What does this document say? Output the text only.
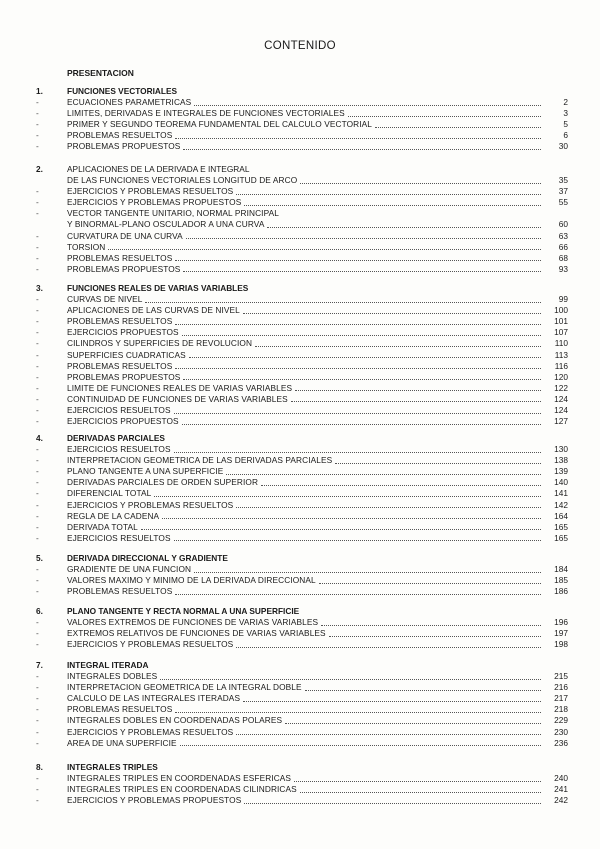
CONTENIDO
PRESENTACION
1.	FUNCIONES VECTORIALES
-	ECUACIONES PARAMETRICAS	2
-	LIMITES, DERIVADAS E INTEGRALES DE FUNCIONES VECTORIALES	3
-	PRIMER Y SEGUNDO TEOREMA FUNDAMENTAL DEL CALCULO VECTORIAL	5
-	PROBLEMAS RESUELTOS	6
-	PROBLEMAS PROPUESTOS	30
2.	APLICACIONES DE LA DERIVADA E INTEGRAL
DE LAS FUNCIONES VECTORIALES LONGITUD DE ARCO	35
-	EJERCICIOS Y PROBLEMAS RESUELTOS	37
-	EJERCICIOS Y PROBLEMAS PROPUESTOS	55
-	VECTOR TANGENTE UNITARIO, NORMAL PRINCIPAL
Y BINORMAL-PLANO OSCULADOR A UNA CURVA	60
-	CURVATURA DE UNA CURVA	63
-	TORSION	66
-	PROBLEMAS RESUELTOS	68
-	PROBLEMAS PROPUESTOS	93
3.	FUNCIONES REALES DE VARIAS VARIABLES
-	CURVAS DE NIVEL	99
-	APLICACIONES DE LAS CURVAS DE NIVEL	100
-	PROBLEMAS RESUELTOS	101
-	EJERCICIOS PROPUESTOS	107
-	CILINDROS Y SUPERFICIES DE REVOLUCION	110
-	SUPERFICIES CUADRATICAS	113
-	PROBLEMAS RESUELTOS	116
-	PROBLEMAS PROPUESTOS	120
-	LIMITE DE FUNCIONES REALES DE VARIAS VARIABLES	122
-	CONTINUIDAD DE FUNCIONES DE VARIAS VARIABLES	124
-	EJERCICIOS RESUELTOS	124
-	EJERCICIOS PROPUESTOS	127
4.	DERIVADAS PARCIALES
-	EJERCICIOS RESUELTOS	130
-	INTERPRETACION GEOMETRICA DE LAS DERIVADAS PARCIALES	138
-	PLANO TANGENTE A UNA SUPERFICIE	139
-	DERIVADAS PARCIALES DE ORDEN SUPERIOR	140
-	DIFERENCIAL TOTAL	141
-	EJERCICIOS Y PROBLEMAS RESUELTOS	142
-	REGLA DE LA CADENA	164
-	DERIVADA TOTAL	165
-	EJERCICIOS RESUELTOS	165
5.	DERIVADA DIRECCIONAL Y GRADIENTE
-	GRADIENTE DE UNA FUNCION	184
-	VALORES MAXIMO Y MINIMO DE LA DERIVADA DIRECCIONAL	185
-	PROBLEMAS RESUELTOS	186
6.	PLANO TANGENTE Y RECTA NORMAL A UNA SUPERFICIE
-	VALORES EXTREMOS DE FUNCIONES DE VARIAS VARIABLES	196
-	EXTREMOS RELATIVOS DE FUNCIONES DE VARIAS VARIABLES	197
-	EJERCICIOS Y PROBLEMAS RESUELTOS	198
7.	INTEGRAL ITERADA
-	INTEGRALES DOBLES	215
-	INTERPRETACION GEOMETRICA DE LA INTEGRAL DOBLE	216
-	CALCULO DE LAS INTEGRALES ITERADAS	217
-	PROBLEMAS RESUELTOS	218
-	INTEGRALES DOBLES EN COORDENADAS POLARES	229
-	EJERCICIOS Y PROBLEMAS RESUELTOS	230
-	AREA DE UNA SUPERFICIE	236
8.	INTEGRALES TRIPLES
-	INTEGRALES TRIPLES EN COORDENADAS ESFERICAS	240
-	INTEGRALES TRIPLES EN COORDENADAS CILINDRICAS	241
-	EJERCICIOS Y PROBLEMAS PROPUESTOS	242
